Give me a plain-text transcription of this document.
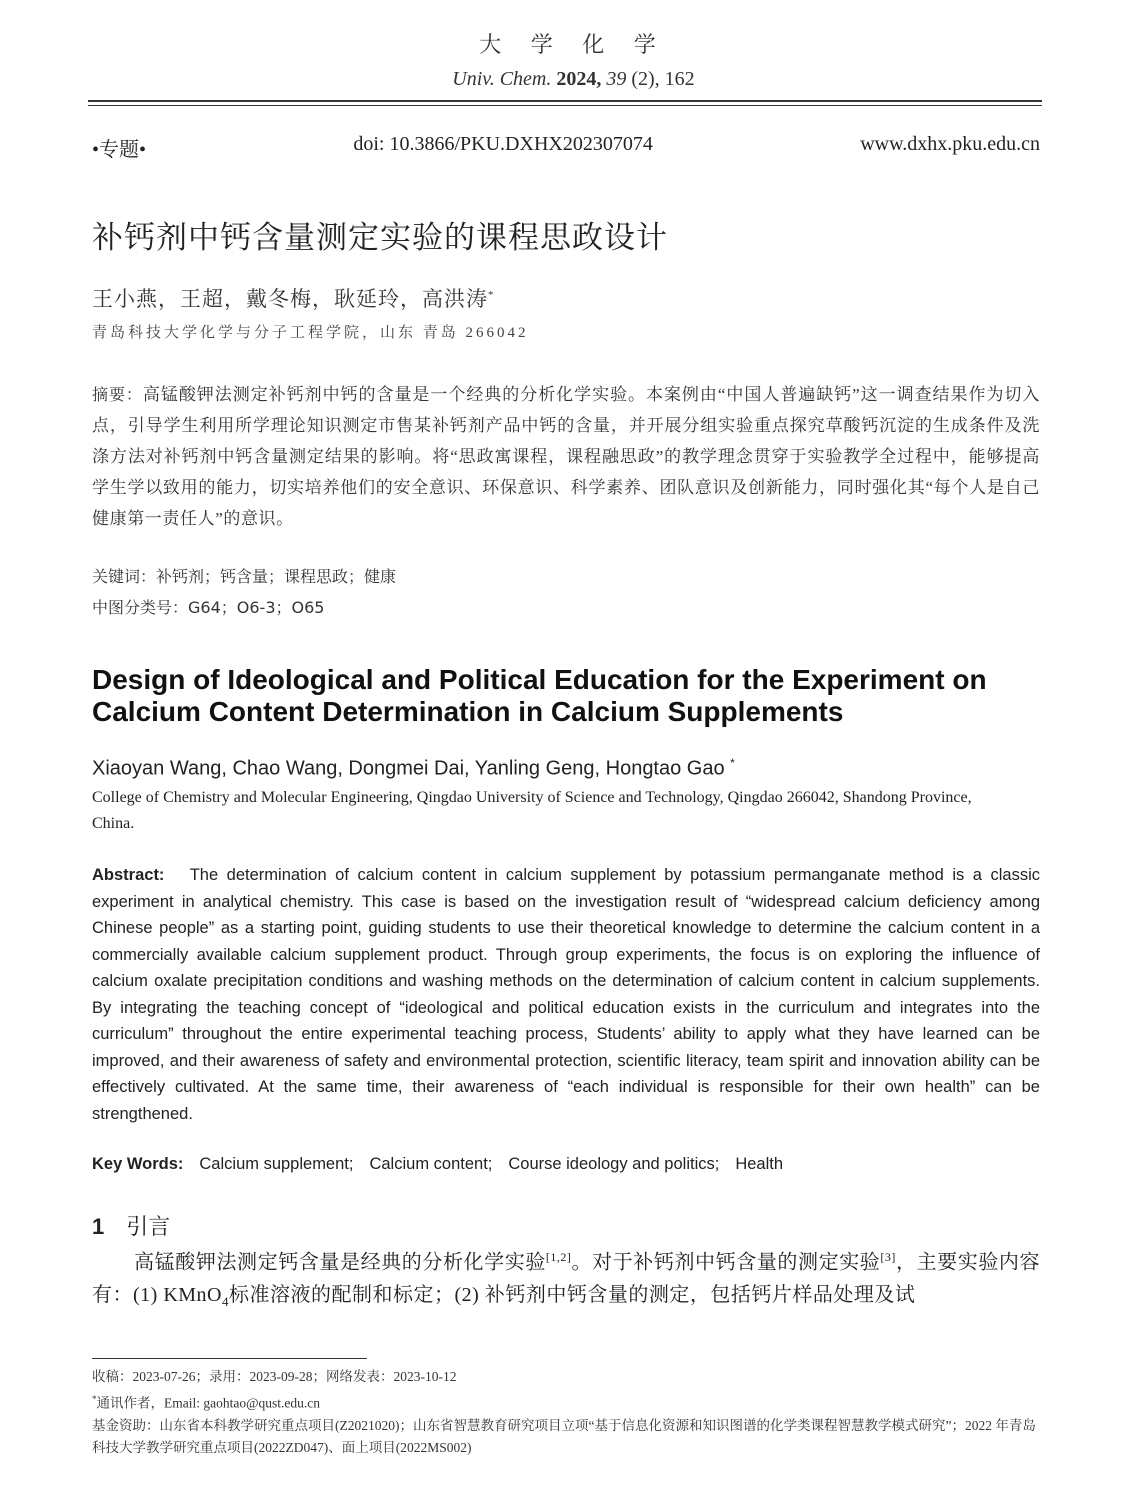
大 学 化 学
Univ. Chem. 2024, 39 (2), 162
•专题•	doi: 10.3866/PKU.DXHX202307074	www.dxhx.pku.edu.cn
补钙剂中钙含量测定实验的课程思政设计
王小燕，王超，戴冬梅，耿延玲，高洪涛*
青岛科技大学化学与分子工程学院，山东 青岛 266042
摘要：高锰酸钾法测定补钙剂中钙的含量是一个经典的分析化学实验。本案例由“中国人普遍缺钙”这一调查结果作为切入点，引导学生利用所学理论知识测定市售某补钙剂产品中钙的含量，并开展分组实验重点探究草酸钙沉淀的生成条件及洗涤方法对补钙剂中钙含量测定结果的影响。将“思政寓课程，课程融思政”的教学理念贯穿于实验教学全过程中，能够提高学生学以致用的能力，切实培养他们的安全意识、环保意识、科学素养、团队意识及创新能力，同时强化其“每个人是自己健康第一责任人”的意识。
关键词：补钙剂；钙含量；课程思政；健康
中图分类号：G64；O6-3；O65
Design of Ideological and Political Education for the Experiment on Calcium Content Determination in Calcium Supplements
Xiaoyan Wang, Chao Wang, Dongmei Dai, Yanling Geng, Hongtao Gao *
College of Chemistry and Molecular Engineering, Qingdao University of Science and Technology, Qingdao 266042, Shandong Province, China.
Abstract: The determination of calcium content in calcium supplement by potassium permanganate method is a classic experiment in analytical chemistry. This case is based on the investigation result of “widespread calcium deficiency among Chinese people” as a starting point, guiding students to use their theoretical knowledge to determine the calcium content in a commercially available calcium supplement product. Through group experiments, the focus is on exploring the influence of calcium oxalate precipitation conditions and washing methods on the determination of calcium content in calcium supplements. By integrating the teaching concept of “ideological and political education exists in the curriculum and integrates into the curriculum” throughout the entire experimental teaching process, Students’ ability to apply what they have learned can be improved, and their awareness of safety and environmental protection, scientific literacy, team spirit and innovation ability can be effectively cultivated. At the same time, their awareness of “each individual is responsible for their own health” can be strengthened.
Key Words: Calcium supplement; Calcium content; Course ideology and politics; Health
1 引言
高锰酸钾法测定钙含量是经典的分析化学实验[1,2]。对于补钙剂中钙含量的测定实验[3]，主要实验内容有：(1) KMnO$_4$标准溶液的配制和标定；(2) 补钙剂中钙含量的测定，包括钙片样品处理及试
收稿：2023-07-26；录用：2023-09-28；网络发表：2023-10-12
*通讯作者，Email: gaohtao@qust.edu.cn
基金资助：山东省本科教学研究重点项目(Z2021020)；山东省智慧教育研究项目立项“基于信息化资源和知识图谱的化学类课程智慧教学模式研究”；2022 年青岛科技大学教学研究重点项目(2022ZD047)、面上项目(2022MS002)
